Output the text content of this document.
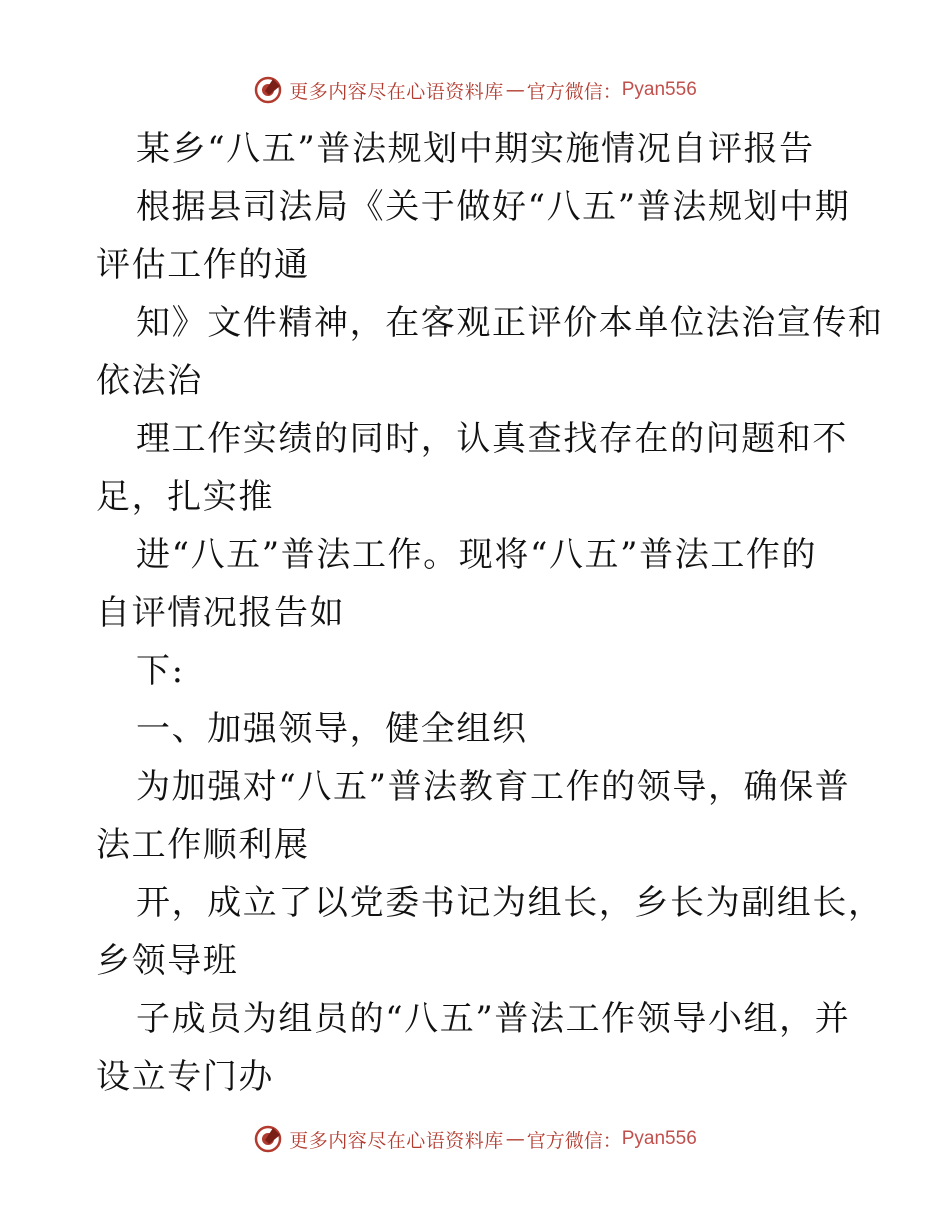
更多内容尽在心语资料库 — 官方微信： Pyan556
某乡“八五”普法规划中期实施情况自评报告
根据县司法局《关于做好“八五”普法规划中期
评估工作的通
知》文件精神，在客观正评价本单位法治宣传和
依法治
理工作实绩的同时，认真查找存在的问题和不
足，扎实推
进“八五”普法工作。现将“八五”普法工作的
自评情况报告如
下:
一、加强领导，健全组织
为加强对“八五”普法教育工作的领导，确保普
法工作顺利展
开，成立了以党委书记为组长，乡长为副组长，
乡领导班
子成员为组员的“八五”普法工作领导小组，并
设立专门办
更多内容尽在心语资料库 — 官方微信： Pyan556
